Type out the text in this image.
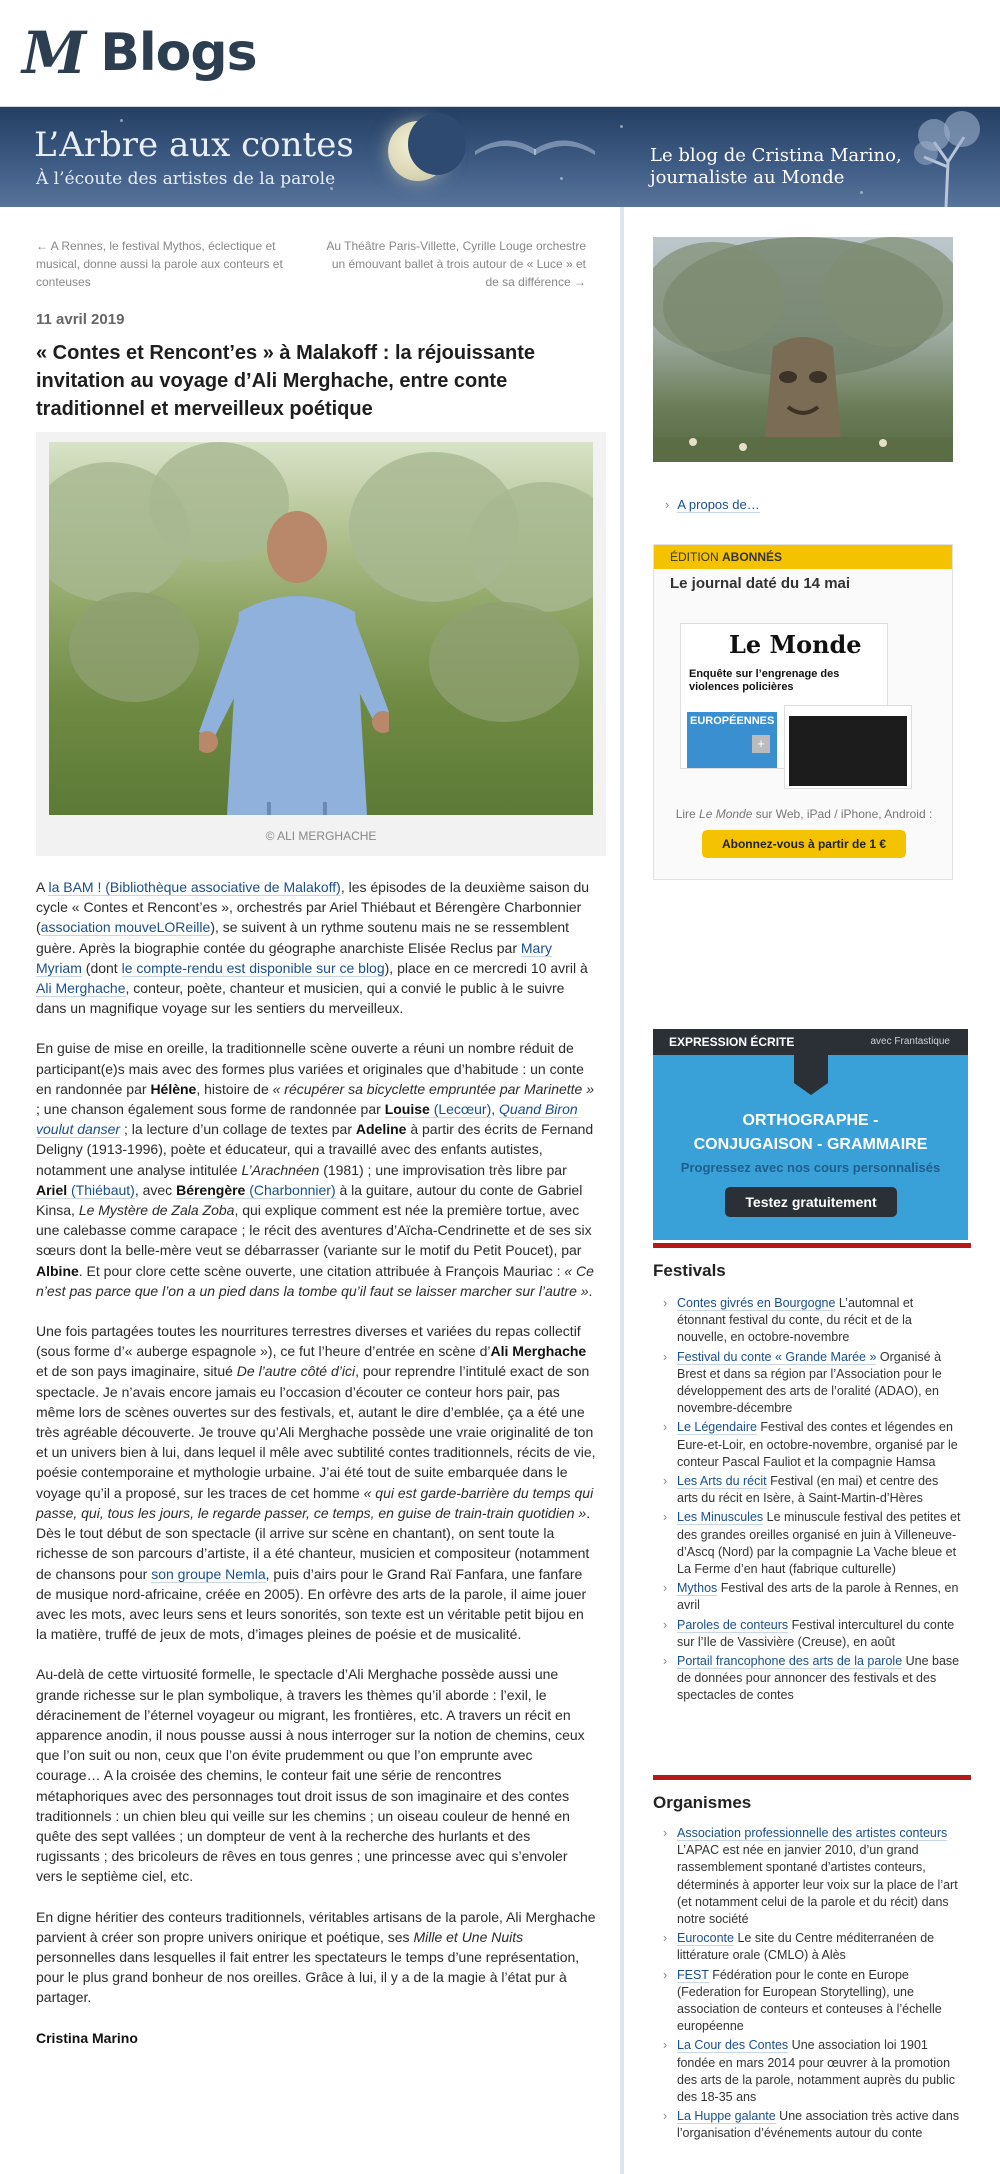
M Blogs
L’Arbre aux contes
À l’écoute des artistes de la parole
Le blog de Cristina Marino,
journaliste au Monde
← A Rennes, le festival Mythos, éclectique et musical, donne aussi la parole aux conteurs et conteuses
Au Théâtre Paris-Villette, Cyrille Louge orchestre un émouvant ballet à trois autour de « Luce » et de sa différence →
11 avril 2019
« Contes et Rencont’es » à Malakoff : la réjouissante invitation au voyage d’Ali Merghache, entre conte traditionnel et merveilleux poétique
© ALI MERGHACHE

A la BAM ! (Bibliothèque associative de Malakoff), les épisodes de la deuxième saison du cycle « Contes et Rencont’es », orchestrés par Ariel Thiébaut et Bérengère Charbonnier (association mouveLOReille), se suivent à un rythme soutenu mais ne se ressemblent guère. Après la biographie contée du géographe anarchiste Elisée Reclus par Mary Myriam (dont le compte-rendu est disponible sur ce blog), place en ce mercredi 10 avril à Ali Merghache, conteur, poète, chanteur et musicien, qui a convié le public à le suivre dans un magnifique voyage sur les sentiers du merveilleux.

En guise de mise en oreille, la traditionnelle scène ouverte a réuni un nombre réduit de participant(e)s mais avec des formes plus variées et originales que d’habitude : un conte en randonnée par Hélène, histoire de « récupérer sa bicyclette empruntée par Marinette » ; une chanson également sous forme de randonnée par Louise (Lecœur), Quand Biron voulut danser ; la lecture d’un collage de textes par Adeline à partir des écrits de Fernand Deligny (1913-1996), poète et éducateur, qui a travaillé avec des enfants autistes, notamment une analyse intitulée L’Arachnéen (1981) ; une improvisation très libre par Ariel (Thiébaut), avec Bérengère (Charbonnier) à la guitare, autour du conte de Gabriel Kinsa, Le Mystère de Zala Zoba, qui explique comment est née la première tortue, avec une calebasse comme carapace ; le récit des aventures d’Aïcha-Cendrinette et de ses six sœurs dont la belle-mère veut se débarrasser (variante sur le motif du Petit Poucet), par Albine. Et pour clore cette scène ouverte, une citation attribuée à François Mauriac : « Ce n’est pas parce que l’on a un pied dans la tombe qu’il faut se laisser marcher sur l’autre ».

Une fois partagées toutes les nourritures terrestres diverses et variées du repas collectif (sous forme d’« auberge espagnole »), ce fut l’heure d’entrée en scène d’Ali Merghache et de son pays imaginaire, situé De l’autre côté d’ici, pour reprendre l’intitulé exact de son spectacle. Je n’avais encore jamais eu l’occasion d’écouter ce conteur hors pair, pas même lors de scènes ouvertes sur des festivals, et, autant le dire d’emblée, ça a été une très agréable découverte. Je trouve qu’Ali Merghache possède une vraie originalité de ton et un univers bien à lui, dans lequel il mêle avec subtilité contes traditionnels, récits de vie, poésie contemporaine et mythologie urbaine. J’ai été tout de suite embarquée dans le voyage qu’il a proposé, sur les traces de cet homme « qui est garde-barrière du temps qui passe, qui, tous les jours, le regarde passer, ce temps, en guise de train-train quotidien ». Dès le tout début de son spectacle (il arrive sur scène en chantant), on sent toute la richesse de son parcours d’artiste, il a été chanteur, musicien et compositeur (notamment de chansons pour son groupe Nemla, puis d’airs pour le Grand Raï Fanfara, une fanfare de musique nord-africaine, créée en 2005). En orfèvre des arts de la parole, il aime jouer avec les mots, avec leurs sens et leurs sonorités, son texte est un véritable petit bijou en la matière, truffé de jeux de mots, d’images pleines de poésie et de musicalité.

Au-delà de cette virtuosité formelle, le spectacle d’Ali Merghache possède aussi une grande richesse sur le plan symbolique, à travers les thèmes qu’il aborde : l’exil, le déracinement de l’éternel voyageur ou migrant, les frontières, etc. A travers un récit en apparence anodin, il nous pousse aussi à nous interroger sur la notion de chemins, ceux que l’on suit ou non, ceux que l’on évite prudemment ou que l’on emprunte avec courage… A la croisée des chemins, le conteur fait une série de rencontres métaphoriques avec des personnages tout droit issus de son imaginaire et des contes traditionnels : un chien bleu qui veille sur les chemins ; un oiseau couleur de henné en quête des sept vallées ; un dompteur de vent à la recherche des hurlants et des rugissants ; des bricoleurs de rêves en tous genres ; une princesse avec qui s’envoler vers le septième ciel, etc.

En digne héritier des conteurs traditionnels, véritables artisans de la parole, Ali Merghache parvient à créer son propre univers onirique et poétique, ses Mille et Une Nuits personnelles dans lesquelles il fait entrer les spectateurs le temps d’une représentation, pour le plus grand bonheur de nos oreilles. Grâce à lui, il y a de la magie à l’état pur à partager.

Cristina Marino
› A propos de…
ÉDITION ABONNÉS
Le journal daté du 14 mai
Le Monde
Enquête sur l’engrenage des violences policières
EUROPÉENNES
+
Lire Le Monde sur Web, iPad / iPhone, Android :
Abonnez-vous à partir de 1 €
EXPRESSION ÉCRITE	avec Frantastique
ORTHOGRAPHE -
CONJUGAISON - GRAMMAIRE
Progressez avec nos cours personnalisés
Testez gratuitement
Festivals
› Contes givrés en Bourgogne L’automnal et étonnant festival du conte, du récit et de la nouvelle, en octobre-novembre
› Festival du conte « Grande Marée » Organisé à Brest et dans sa région par l’Association pour le développement des arts de l’oralité (ADAO), en novembre-décembre
› Le Légendaire Festival des contes et légendes en Eure-et-Loir, en octobre-novembre, organisé par le conteur Pascal Fauliot et la compagnie Hamsa
› Les Arts du récit Festival (en mai) et centre des arts du récit en Isère, à Saint-Martin-d’Hères
› Les Minuscules Le minuscule festival des petites et des grandes oreilles organisé en juin à Villeneuve-d’Ascq (Nord) par la compagnie La Vache bleue et La Ferme d’en haut (fabrique culturelle)
› Mythos Festival des arts de la parole à Rennes, en avril
› Paroles de conteurs Festival interculturel du conte sur l’Ile de Vassivière (Creuse), en août
› Portail francophone des arts de la parole Une base de données pour annoncer des festivals et des spectacles de contes
Organismes
› Association professionnelle des artistes conteurs L’APAC est née en janvier 2010, d’un grand rassemblement spontané d’artistes conteurs, déterminés à apporter leur voix sur la place de l’art (et notamment celui de la parole et du récit) dans notre société
› Euroconte Le site du Centre méditerranéen de littérature orale (CMLO) à Alès
› FEST Fédération pour le conte en Europe (Federation for European Storytelling), une association de conteurs et conteuses à l’échelle européenne
› La Cour des Contes Une association loi 1901 fondée en mars 2014 pour œuvrer à la promotion des arts de la parole, notamment auprès du public des 18-35 ans
› La Huppe galante Une association très active dans l’organisation d’événements autour du conte
